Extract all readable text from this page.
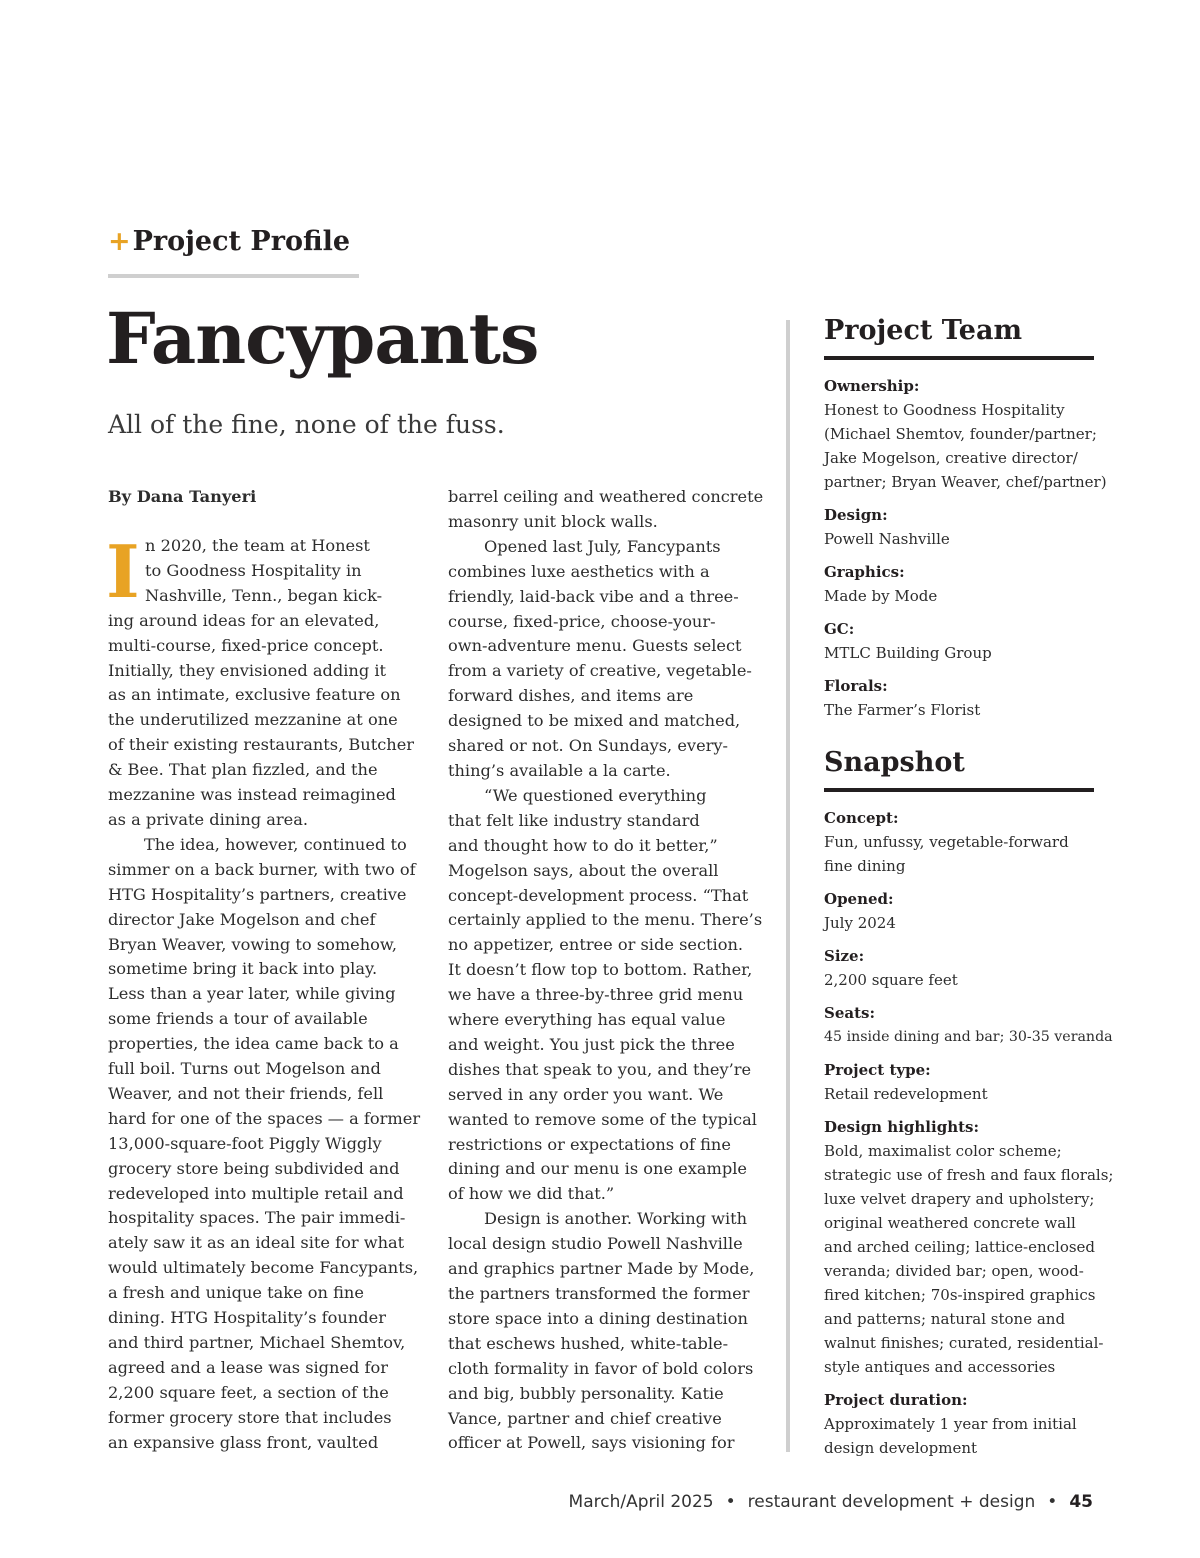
+Project Profile
Fancypants
All of the fine, none of the fuss.
By Dana Tanyeri
I n 2020, the team at Honest
to Goodness Hospitality in
Nashville, Tenn., began kick-
ing around ideas for an elevated,
multi-course, fixed-price concept.
Initially, they envisioned adding it
as an intimate, exclusive feature on
the underutilized mezzanine at one
of their existing restaurants, Butcher
& Bee. That plan fizzled, and the
mezzanine was instead reimagined
as a private dining area.
The idea, however, continued to
simmer on a back burner, with two of
HTG Hospitality’s partners, creative
director Jake Mogelson and chef
Bryan Weaver, vowing to somehow,
sometime bring it back into play.
Less than a year later, while giving
some friends a tour of available
properties, the idea came back to a
full boil. Turns out Mogelson and
Weaver, and not their friends, fell
hard for one of the spaces — a former
13,000-square-foot Piggly Wiggly
grocery store being subdivided and
redeveloped into multiple retail and
hospitality spaces. The pair immedi-
ately saw it as an ideal site for what
would ultimately become Fancypants,
a fresh and unique take on fine
dining. HTG Hospitality’s founder
and third partner, Michael Shemtov,
agreed and a lease was signed for
2,200 square feet, a section of the
former grocery store that includes
an expansive glass front, vaulted
barrel ceiling and weathered concrete
masonry unit block walls.
Opened last July, Fancypants
combines luxe aesthetics with a
friendly, laid-back vibe and a three-
course, fixed-price, choose-your-
own-adventure menu. Guests select
from a variety of creative, vegetable-
forward dishes, and items are
designed to be mixed and matched,
shared or not. On Sundays, every-
thing’s available a la carte.
“We questioned everything
that felt like industry standard
and thought how to do it better,”
Mogelson says, about the overall
concept-development process. “That
certainly applied to the menu. There’s
no appetizer, entree or side section.
It doesn’t flow top to bottom. Rather,
we have a three-by-three grid menu
where everything has equal value
and weight. You just pick the three
dishes that speak to you, and they’re
served in any order you want. We
wanted to remove some of the typical
restrictions or expectations of fine
dining and our menu is one example
of how we did that.”
Design is another. Working with
local design studio Powell Nashville
and graphics partner Made by Mode,
the partners transformed the former
store space into a dining destination
that eschews hushed, white-table-
cloth formality in favor of bold colors
and big, bubbly personality. Katie
Vance, partner and chief creative
officer at Powell, says visioning for
Project Team
Ownership:
Honest to Goodness Hospitality
(Michael Shemtov, founder/partner;
Jake Mogelson, creative director/
partner; Bryan Weaver, chef/partner)
Design:
Powell Nashville
Graphics:
Made by Mode
GC:
MTLC Building Group
Florals:
The Farmer’s Florist
Snapshot
Concept:
Fun, unfussy, vegetable-forward
fine dining
Opened:
July 2024
Size:
2,200 square feet
Seats:
45 inside dining and bar; 30-35 veranda
Project type:
Retail redevelopment
Design highlights:
Bold, maximalist color scheme;
strategic use of fresh and faux florals;
luxe velvet drapery and upholstery;
original weathered concrete wall
and arched ceiling; lattice-enclosed
veranda; divided bar; open, wood-
fired kitchen; 70s-inspired graphics
and patterns; natural stone and
walnut finishes; curated, residential-
style antiques and accessories
Project duration:
Approximately 1 year from initial
design development
March/April 2025 • restaurant development + design • 45
